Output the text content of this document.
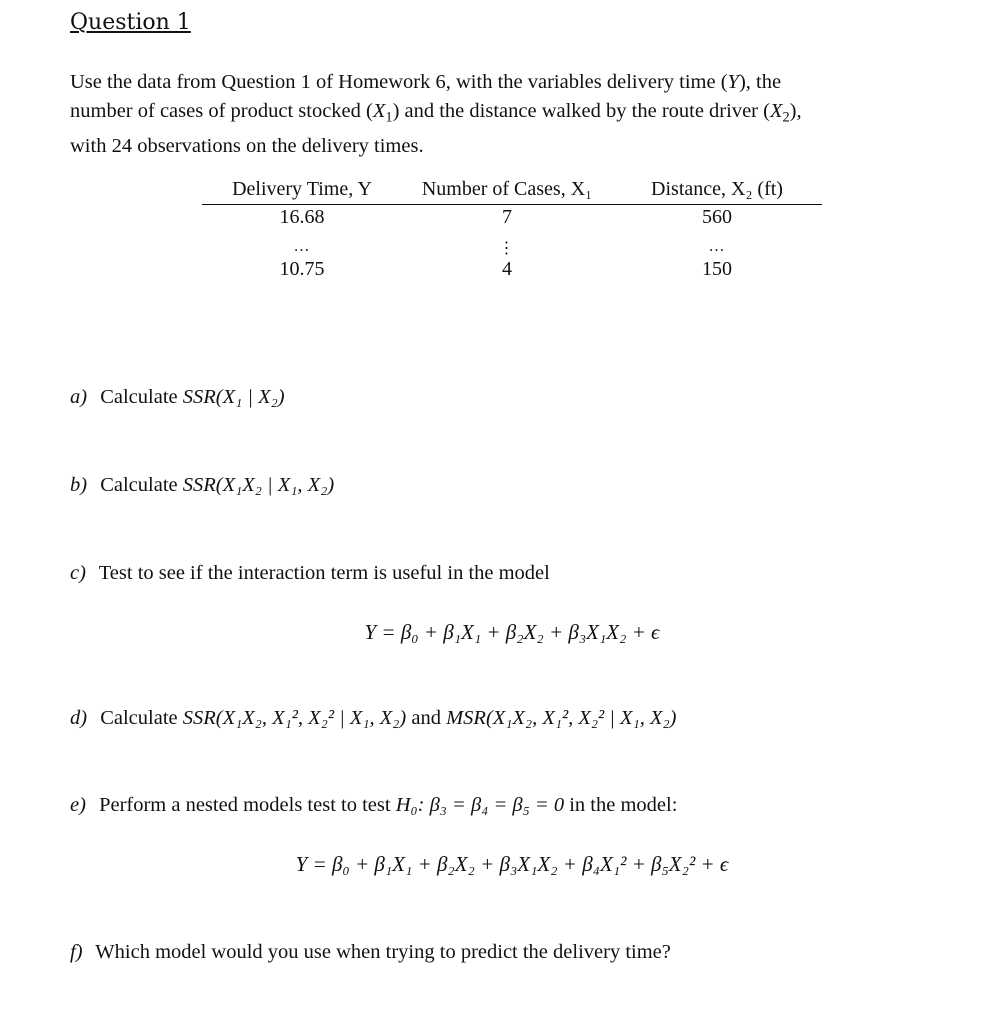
Question 1
Use the data from Question 1 of Homework 6, with the variables delivery time (Y), the
number of cases of product stocked $(X_1)$ and the distance walked by the route driver $(X_2)$,
with 24 observations on the delivery times.
Delivery Time, Y	Number of Cases, X₁	Distance, X₂ (ft)
16.68	7	560
…	⋮	…
10.75	4	150
a) Calculate SSR(X₁ | X₂)
b) Calculate SSR(X₁X₂ | X₁, X₂)
c) Test to see if the interaction term is useful in the model
Y = β₀ + β₁X₁ + β₂X₂ + β₃X₁X₂ + ϵ
d) Calculate SSR(X₁X₂, X₁², X₂² | X₁, X₂) and MSR(X₁X₂, X₁², X₂² | X₁, X₂)
e) Perform a nested models test to test H₀: β₃ = β₄ = β₅ = 0 in the model:
Y = β₀ + β₁X₁ + β₂X₂ + β₃X₁X₂ + β₄X₁² + β₅X₂² + ϵ
f) Which model would you use when trying to predict the delivery time?
